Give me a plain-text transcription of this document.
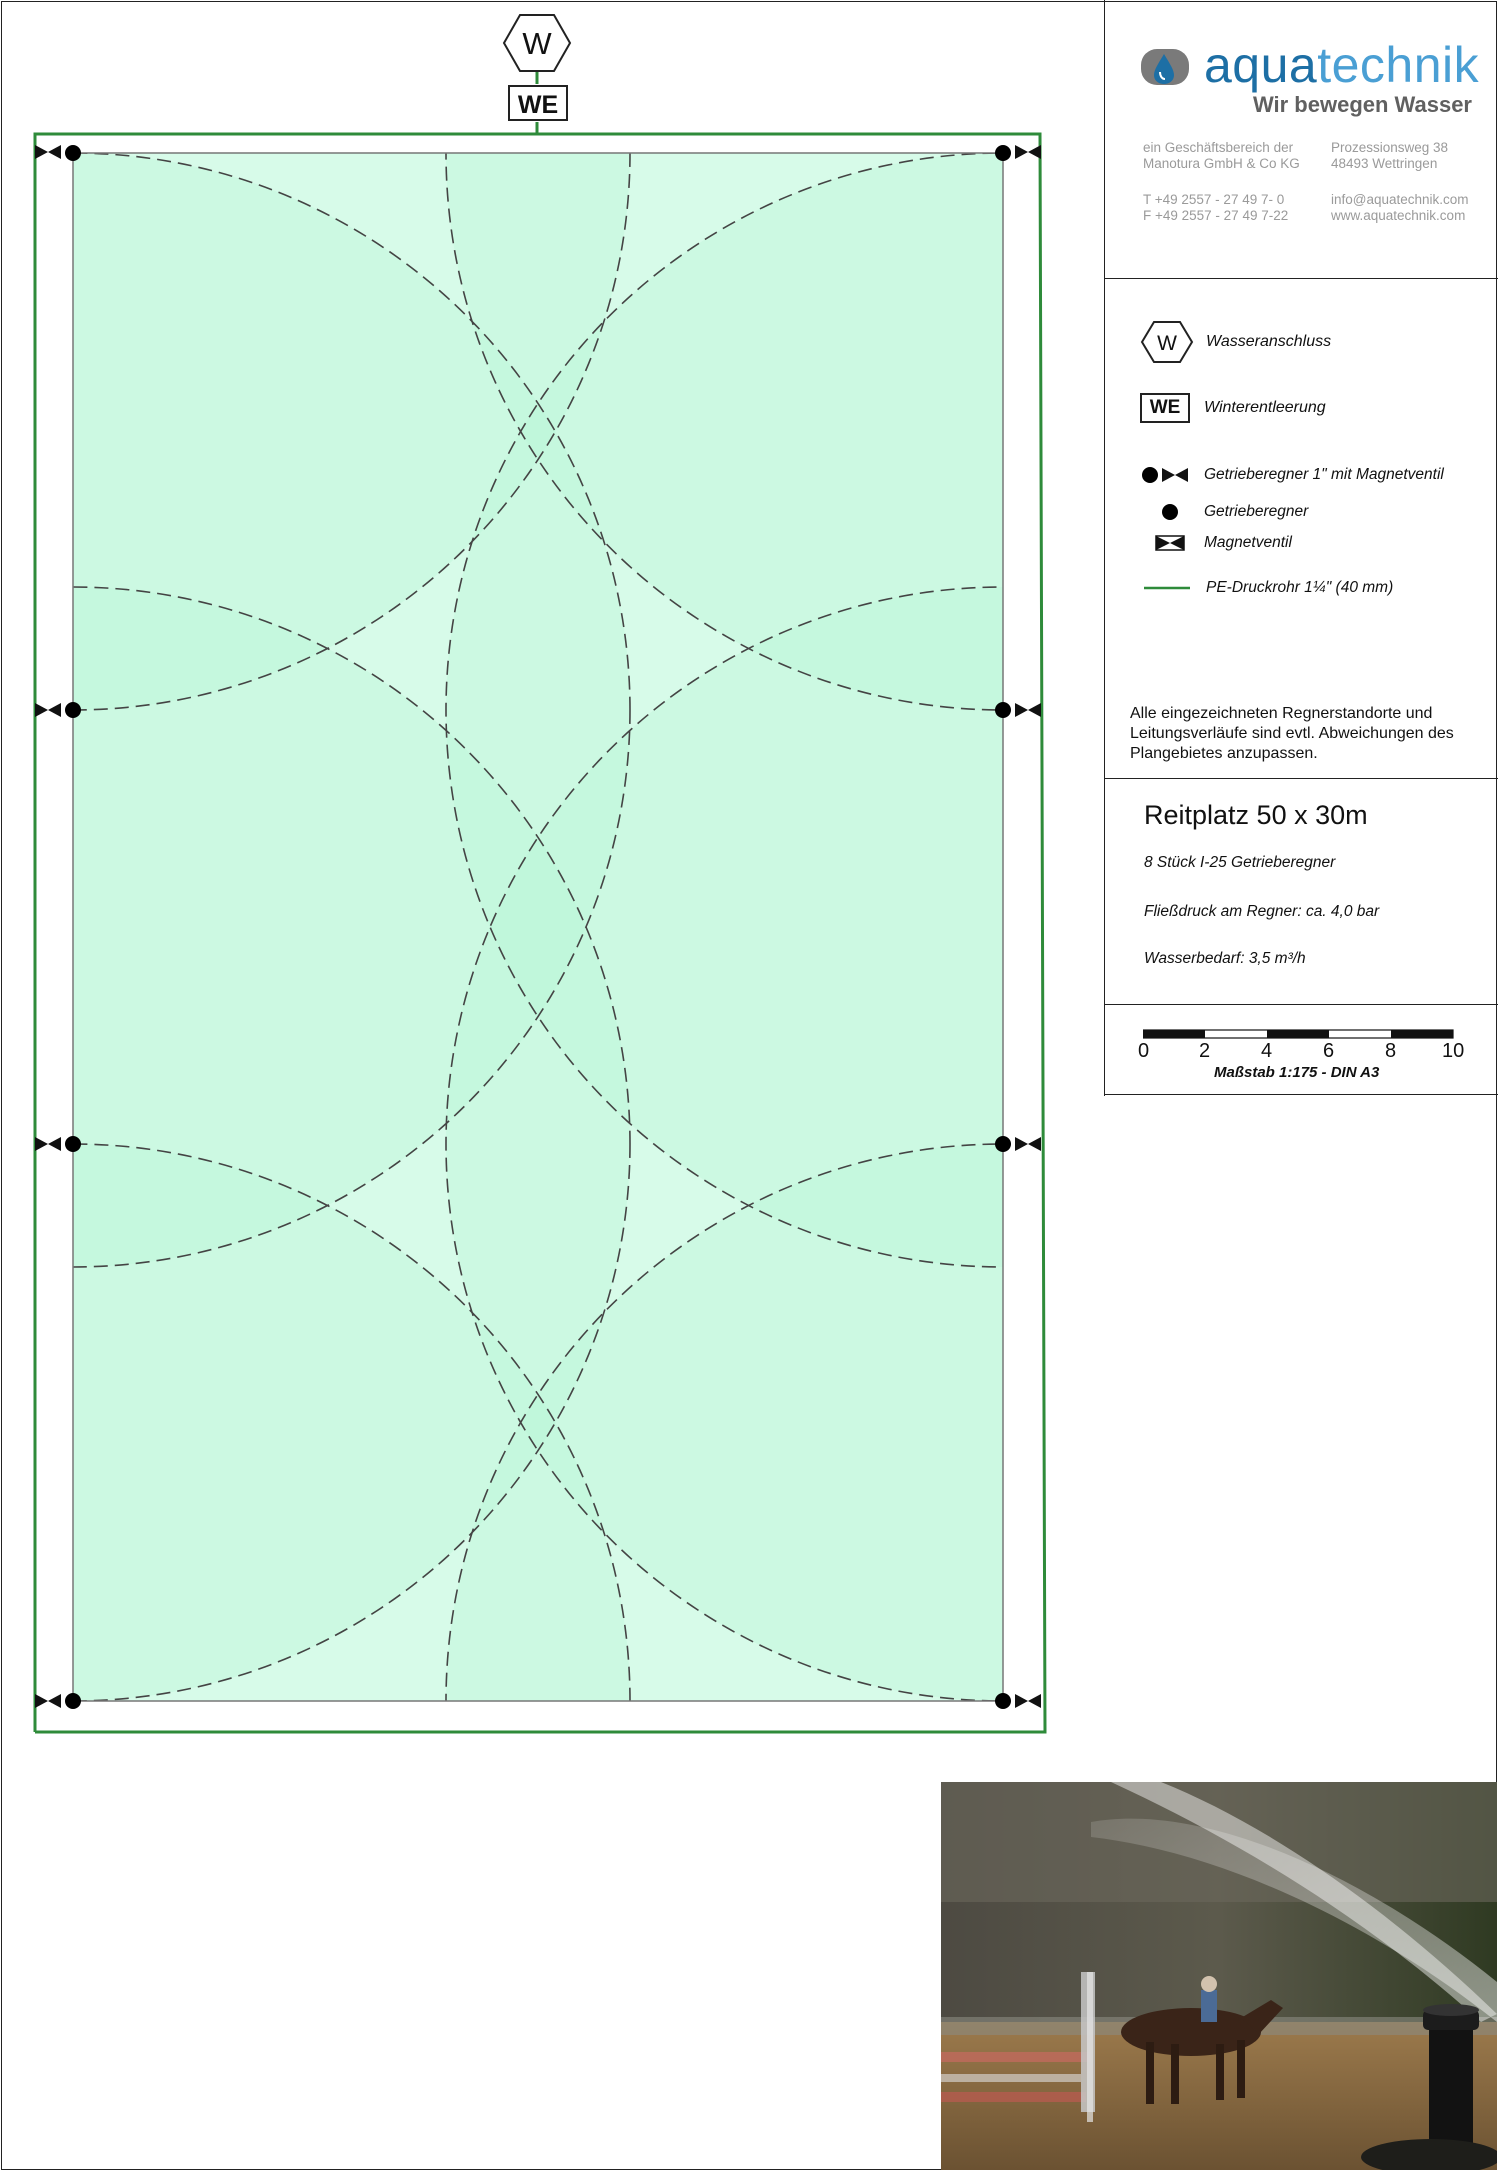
W
WE
aquatechnik
Wir bewegen Wasser
ein Geschäftsbereich der
Manotura GmbH & Co KG
Prozessionsweg 38
48493 Wettringen
T +49 2557 - 27 49 7- 0
F +49 2557 - 27 49 7-22
info@aquatechnik.com
www.aquatechnik.com
W Wasseranschluss
WE	Winterentleerung
Getrieberegner 1" mit Magnetventil
Getrieberegner
Magnetventil
PE-Druckrohr 1¼" (40 mm)
Alle eingezeichneten Regnerstandorte und Leitungsverläufe sind evtl. Abweichungen des Plangebietes anzupassen.
Reitplatz 50 x 30m
8 Stück I-25 Getrieberegner
Fließdruck am Regner: ca. 4,0 bar
Wasserbedarf: 3,5 m³/h
0 2	4	6	8 10
Maßstab 1:175 - DIN A3
